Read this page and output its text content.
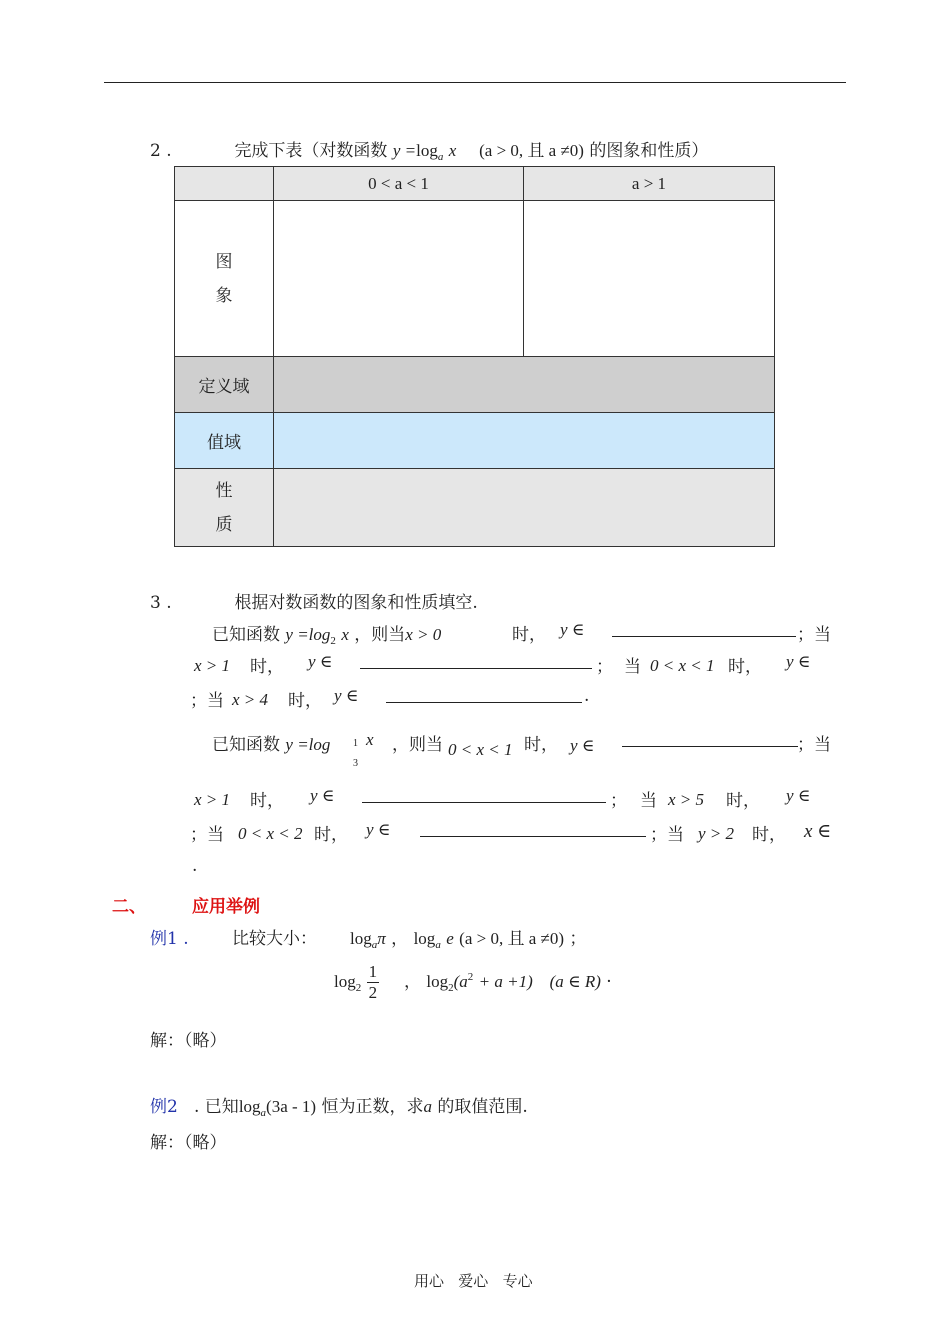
2 .	完成下表（对数函数 $y =\log_a$ x (a > 0, 且 a ≠0) 的图象和性质）
	0 < a < 1	a > 1

图
象		

定义域		
值域		

性
质		

3 .	根据对数函数的图象和性质填空.
已知函数 $y =\log_2$ x ，则当x > 0	时， y ∈	；当
x > 1 时， y ∈	； 当 0 < x < 1 时， y ∈
；当 x > 4 时， y ∈	.
已知函数 y =log 1
3
x ，则当 0 < x < 1 时， y ∈	；当
x > 1 时， y ∈	； 当 x > 5 时， y ∈
；当 0 < x < 2 时， y ∈	；当 y > 2 时， x ∈
.
二、	应用举例
例1 .	比较大小： $\log_a\pi$ ， $\log_a e$ (a > 0, 且 a ≠0) ；
$\log_2 \frac{1}{2}$ ， $\log_2(a^2 + a +1)$ (a ∈ R) ·
解：（略）
例2 . 已知$\log_a(3a - 1)$ 恒为正数，求a 的取值范围.
解：（略）
用心   爱心   专心
